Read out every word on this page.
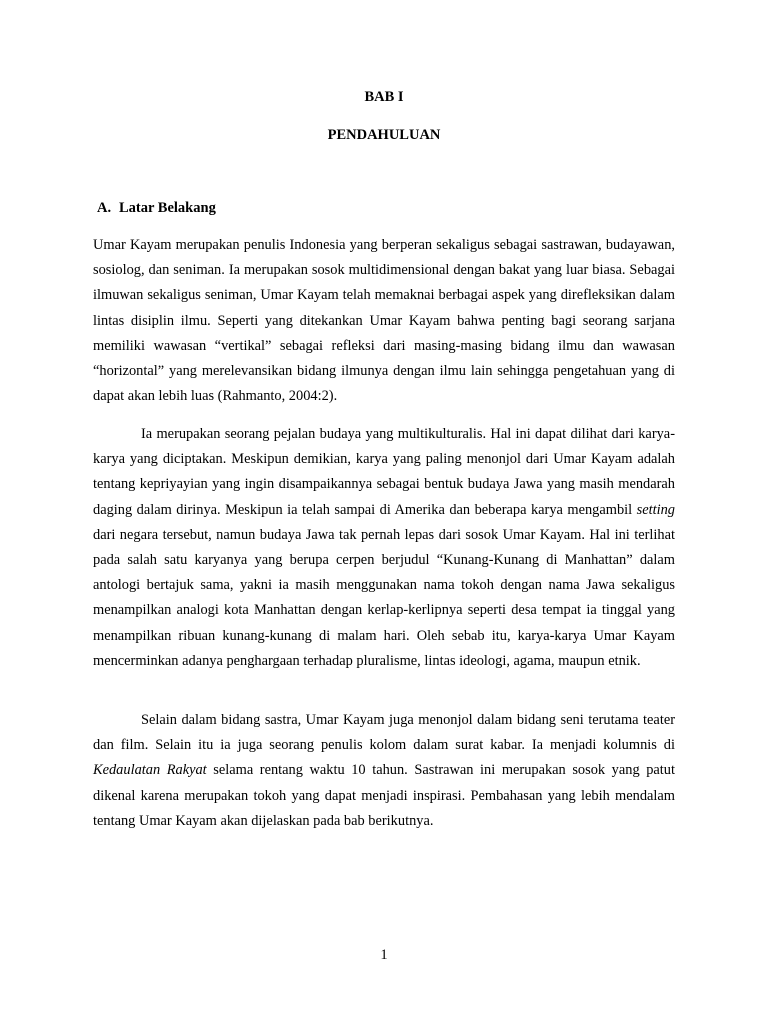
BAB I
PENDAHULUAN
A. Latar Belakang

Umar Kayam merupakan penulis Indonesia yang berperan sekaligus sebagai sastrawan, budayawan, sosiolog, dan seniman. Ia merupakan sosok multidimensional dengan bakat yang luar biasa. Sebagai ilmuwan sekaligus seniman, Umar Kayam telah memaknai berbagai aspek yang direfleksikan dalam lintas disiplin ilmu. Seperti yang ditekankan Umar Kayam bahwa penting bagi seorang sarjana memiliki wawasan “vertikal” sebagai refleksi dari masing-masing bidang ilmu dan wawasan “horizontal” yang merelevansikan bidang ilmunya dengan ilmu lain sehingga pengetahuan yang di dapat akan lebih luas (Rahmanto, 2004:2).

Ia merupakan seorang pejalan budaya yang multikulturalis. Hal ini dapat dilihat dari karya-karya yang diciptakan. Meskipun demikian, karya yang paling menonjol dari Umar Kayam adalah tentang kepriyayian yang ingin disampaikannya sebagai bentuk budaya Jawa yang masih mendarah daging dalam dirinya. Meskipun ia telah sampai di Amerika dan beberapa karya mengambil setting dari negara tersebut, namun budaya Jawa tak pernah lepas dari sosok Umar Kayam. Hal ini terlihat pada salah satu karyanya yang berupa cerpen berjudul “Kunang-Kunang di Manhattan” dalam antologi bertajuk sama, yakni ia masih menggunakan nama tokoh dengan nama Jawa sekaligus menampilkan analogi kota Manhattan dengan kerlap-kerlipnya seperti desa tempat ia tinggal yang menampilkan ribuan kunang-kunang di malam hari. Oleh sebab itu, karya-karya Umar Kayam mencerminkan adanya penghargaan terhadap pluralisme, lintas ideologi, agama, maupun etnik.

Selain dalam bidang sastra, Umar Kayam juga menonjol dalam bidang seni terutama teater dan film. Selain itu ia juga seorang penulis kolom dalam surat kabar. Ia menjadi kolumnis di Kedaulatan Rakyat selama rentang waktu 10 tahun. Sastrawan ini merupakan sosok yang patut dikenal karena merupakan tokoh yang dapat menjadi inspirasi. Pembahasan yang lebih mendalam tentang Umar Kayam akan dijelaskan pada bab berikutnya.

1
